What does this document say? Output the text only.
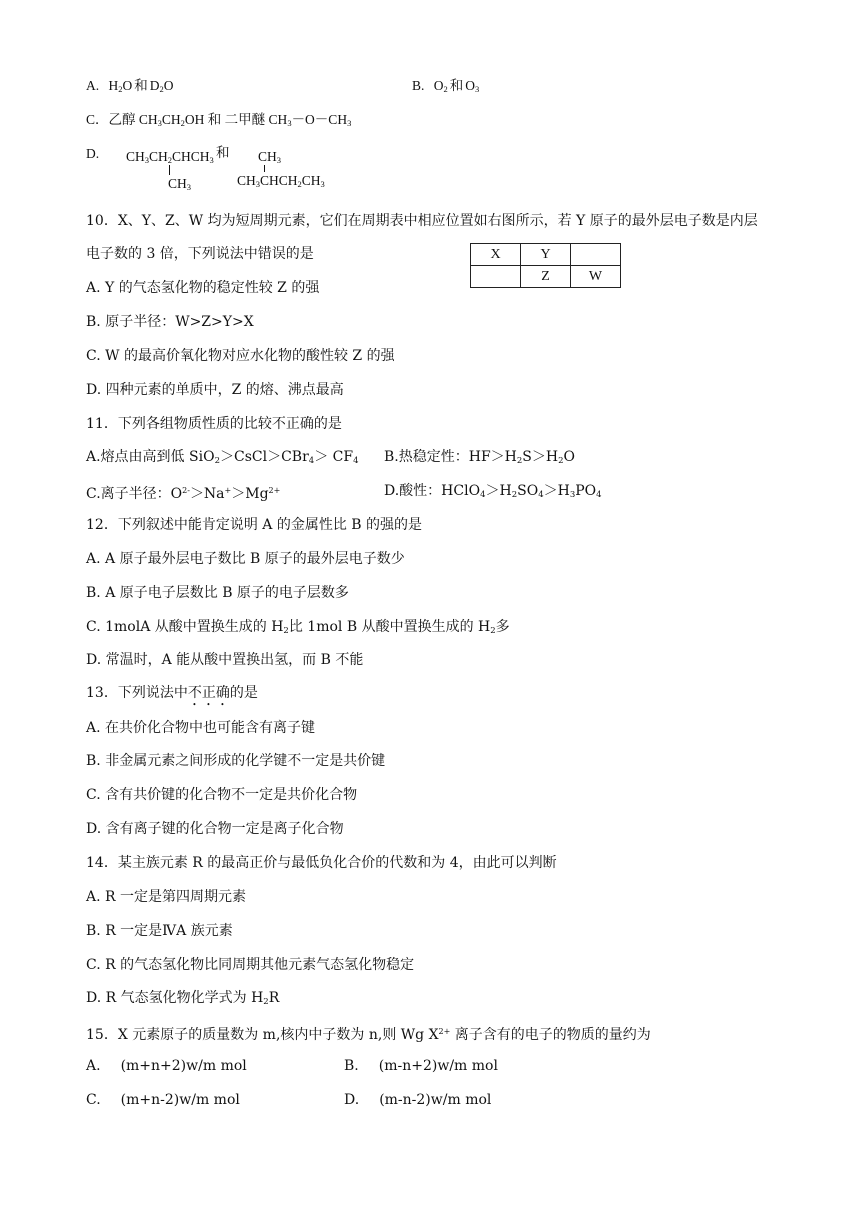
A. $H_2O$ 和 $D_2O$	B. $O_2$ 和 $O_3$
C．乙醇 $CH_3CH_2OH$ 和 二甲醚 $CH_3-O-CH_3$
D. $CH_3CH_2CHCH_3$
$CH_3$
和 $CH_3$
$CH_3CHCH_2CH_3$
10．X、Y、Z、W 均为短周期元素，它们在周期表中相应位置如右图所示，若 Y 原子的最外层电子数是内层
电子数的 3 倍，下列说法中错误的是	X	Y	
	Z	W
A. Y 的气态氢化物的稳定性较 Z 的强
B. 原子半径：W>Z>Y>X
C. W 的最高价氧化物对应水化物的酸性较 Z 的强
D. 四种元素的单质中，Z 的熔、沸点最高
11．下列各组物质性质的比较不正确的是
A.熔点由高到低 SiO$_2$＞CsCl＞CBr$_4$＞ $CF_4$ B.热稳定性：$HF>H_2S>H_2O$
C.离子半径：$O^{2-}>Na^+>Mg^{2+}$	D.酸性：$HClO_4>H_2SO_4>H_3PO_4$
12．下列叙述中能肯定说明 A 的金属性比 B 的强的是
A. A 原子最外层电子数比 B 原子的最外层电子数少
B. A 原子电子层数比 B 原子的电子层数多
C. 1molA 从酸中置换生成的 $H_2$比 1mol B 从酸中置换生成的 $H_2$多
D. 常温时，A 能从酸中置换出氢，而 B 不能
13．下列说法中不正确的是
A. 在共价化合物中也可能含有离子键
B. 非金属元素之间形成的化学键不一定是共价键
C. 含有共价键的化合物不一定是共价化合物
D. 含有离子键的化合物一定是离子化合物
14．某主族元素 R 的最高正价与最低负化合价的代数和为 4，由此可以判断
A. R 一定是第四周期元素
B. R 一定是ⅣA 族元素
C. R 的气态氢化物比同周期其他元素气态氢化物稳定
D. R 气态氢化物化学式为 $H_2R$
15．X 元素原子的质量数为 m,核内中子数为 n,则 Wg $X^{2+}$ 离子含有的电子的物质的量约为
A. (m+n+2)w/m mol	B. (m-n+2)w/m mol
C. (m+n-2)w/m mol	D. (m-n-2)w/m mol
